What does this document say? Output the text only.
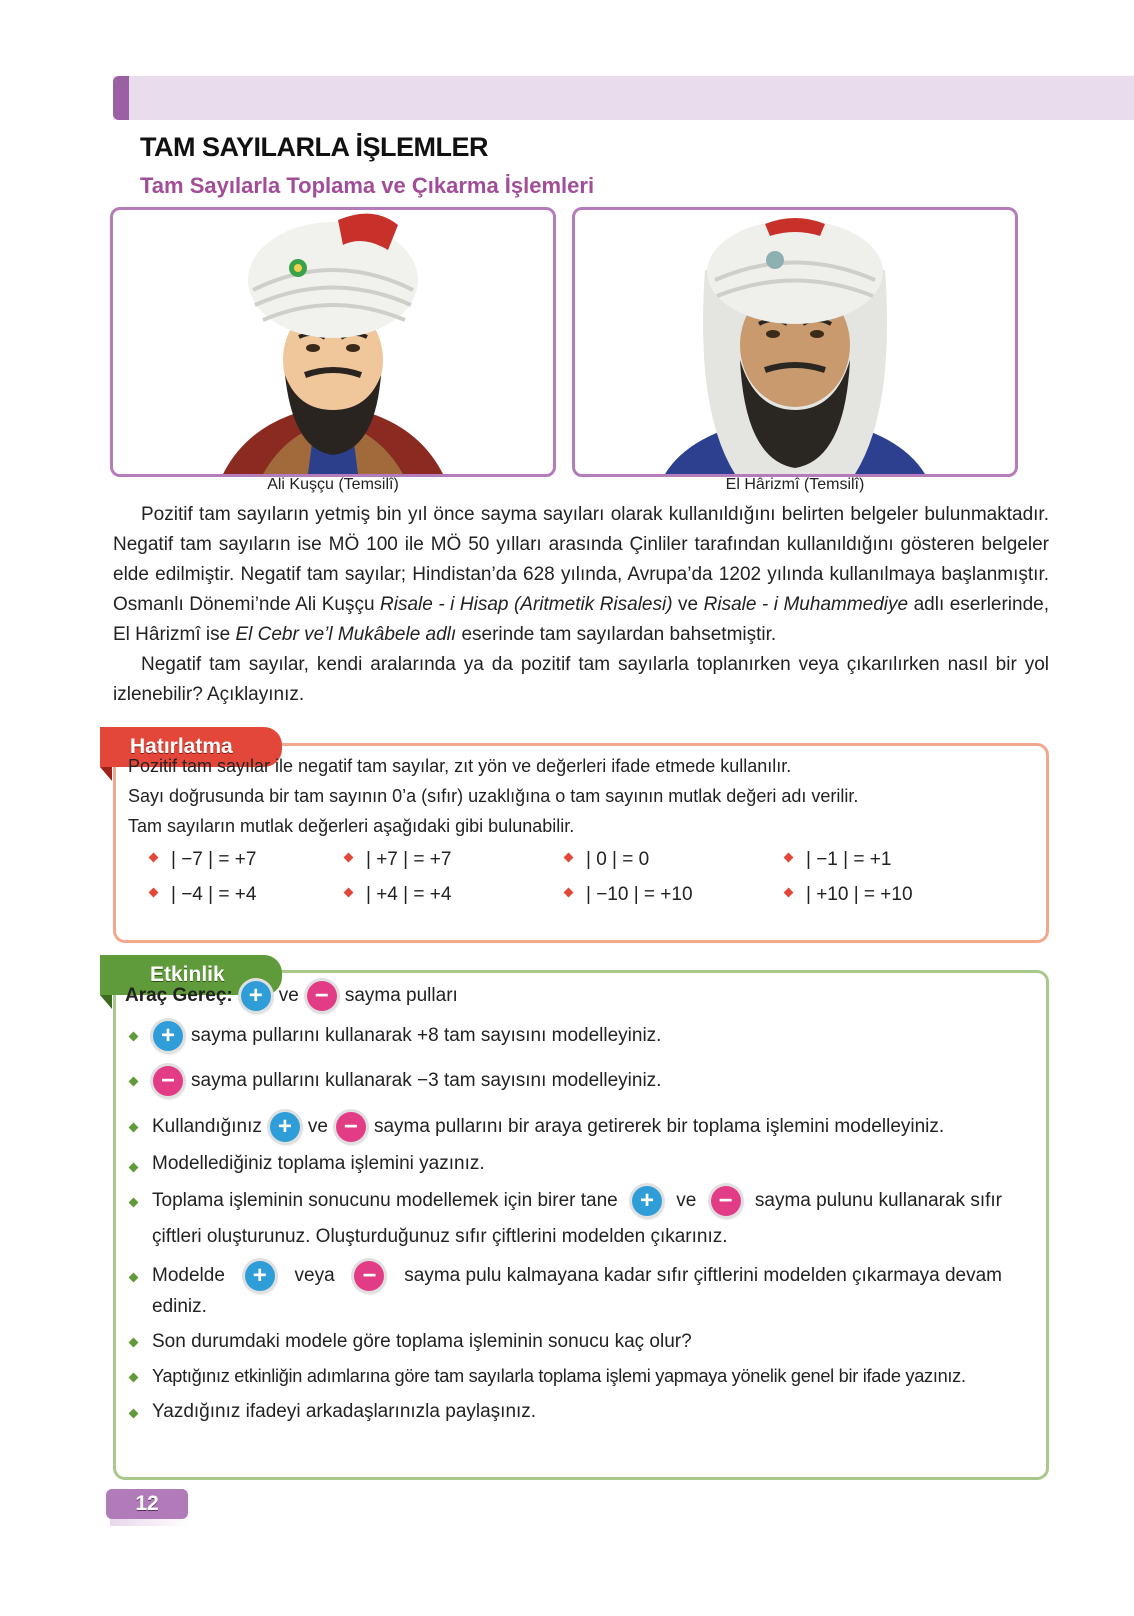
TAM SAYILARLA İŞLEMLER
Tam Sayılarla Toplama ve Çıkarma İşlemleri
Ali Kuşçu (Temsilî)	El Hârizmî (Temsilî)

Pozitif tam sayıların yetmiş bin yıl önce sayma sayıları olarak kullanıldığını belirten belgeler bulunmaktadır. Negatif tam sayıların ise MÖ 100 ile MÖ 50 yılları arasında Çinliler tarafından kullanıldığını gösteren belgeler elde edilmiştir. Negatif tam sayılar; Hindistan’da 628 yılında, Avrupa’da 1202 yılında kullanılmaya başlanmıştır. Osmanlı Dönemi’nde Ali Kuşçu Risale - i Hisap (Aritmetik Risalesi) ve Risale - i Muhammediye adlı eserlerinde, El Hârizmî ise El Cebr ve’l Mukâbele adlı eserinde tam sayılardan bahsetmiştir.

Negatif tam sayılar, kendi aralarında ya da pozitif tam sayılarla toplanırken veya çıkarılırken nasıl bir yol izlenebilir? Açıklayınız.

Hatırlatma
Pozitif tam sayılar ile negatif tam sayılar, zıt yön ve değerleri ifade etmede kullanılır.
Sayı doğrusunda bir tam sayının 0’a (sıfır) uzaklığına o tam sayının mutlak değeri adı verilir.
Tam sayıların mutlak değerleri aşağıdaki gibi bulunabilir.
| −7 | = +7	| +7 | = +7	| 0 | = 0	| −1 | = +1
| −4 | = +4	| +4 | = +4	| −10 | = +10	| +10 | = +10
Etkinlik
Araç Gereç: + ve − sayma pulları
+ sayma pullarını kullanarak +8 tam sayısını modelleyiniz.
− sayma pullarını kullanarak −3 tam sayısını modelleyiniz.
Kullandığınız + ve − sayma pullarını bir araya getirerek bir toplama işlemini modelleyiniz.
Modellediğiniz toplama işlemini yazınız.
Toplama işleminin sonucunu modellemek için birer tane +	ve −	sayma pulunu kullanarak sıfır
çiftleri oluşturunuz. Oluşturduğunuz sıfır çiftlerini modelden çıkarınız.
Modelde	+	veya	−	sayma pulu kalmayana kadar sıfır çiftlerini modelden çıkarmaya devam
ediniz.
Son durumdaki modele göre toplama işleminin sonucu kaç olur?
Yaptığınız etkinliğin adımlarına göre tam sayılarla toplama işlemi yapmaya yönelik genel bir ifade yazınız.
Yazdığınız ifadeyi arkadaşlarınızla paylaşınız.
12
